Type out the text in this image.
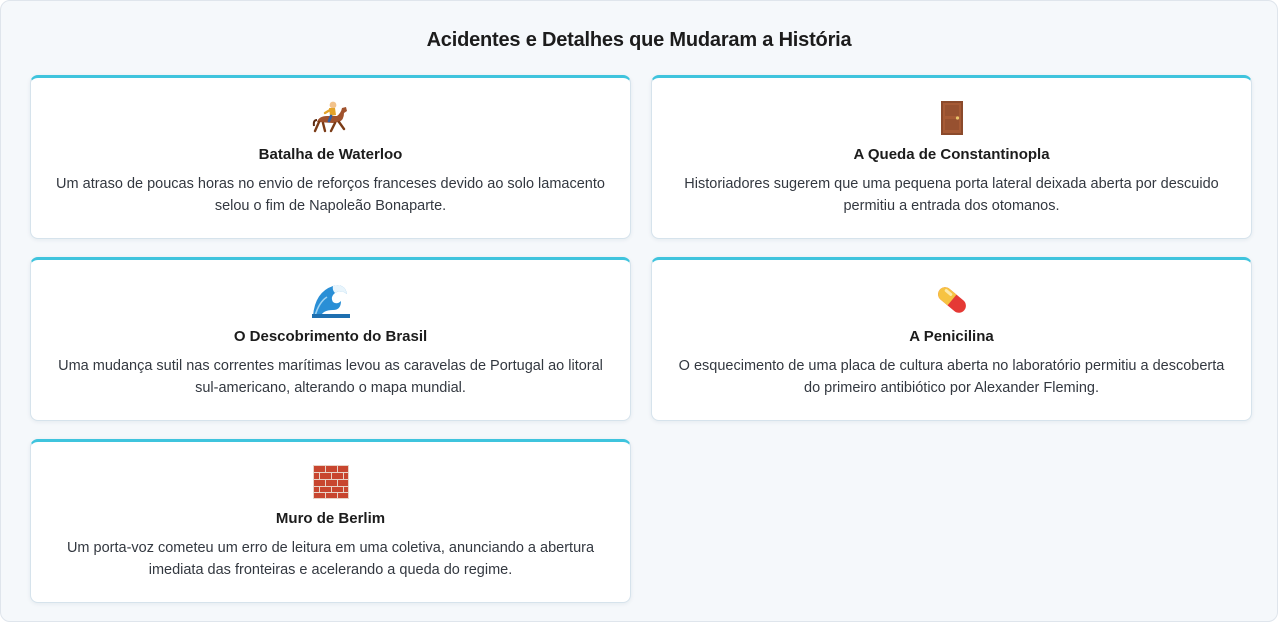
Acidentes e Detalhes que Mudaram a História
Batalha de Waterloo
Um atraso de poucas horas no envio de reforços franceses devido ao solo lamacento selou o fim de Napoleão Bonaparte.
A Queda de Constantinopla
Historiadores sugerem que uma pequena porta lateral deixada aberta por descuido permitiu a entrada dos otomanos.
O Descobrimento do Brasil
Uma mudança sutil nas correntes marítimas levou as caravelas de Portugal ao litoral sul-americano, alterando o mapa mundial.
A Penicilina
O esquecimento de uma placa de cultura aberta no laboratório permitiu a descoberta do primeiro antibiótico por Alexander Fleming.
Muro de Berlim
Um porta-voz cometeu um erro de leitura em uma coletiva, anunciando a abertura imediata das fronteiras e acelerando a queda do regime.
